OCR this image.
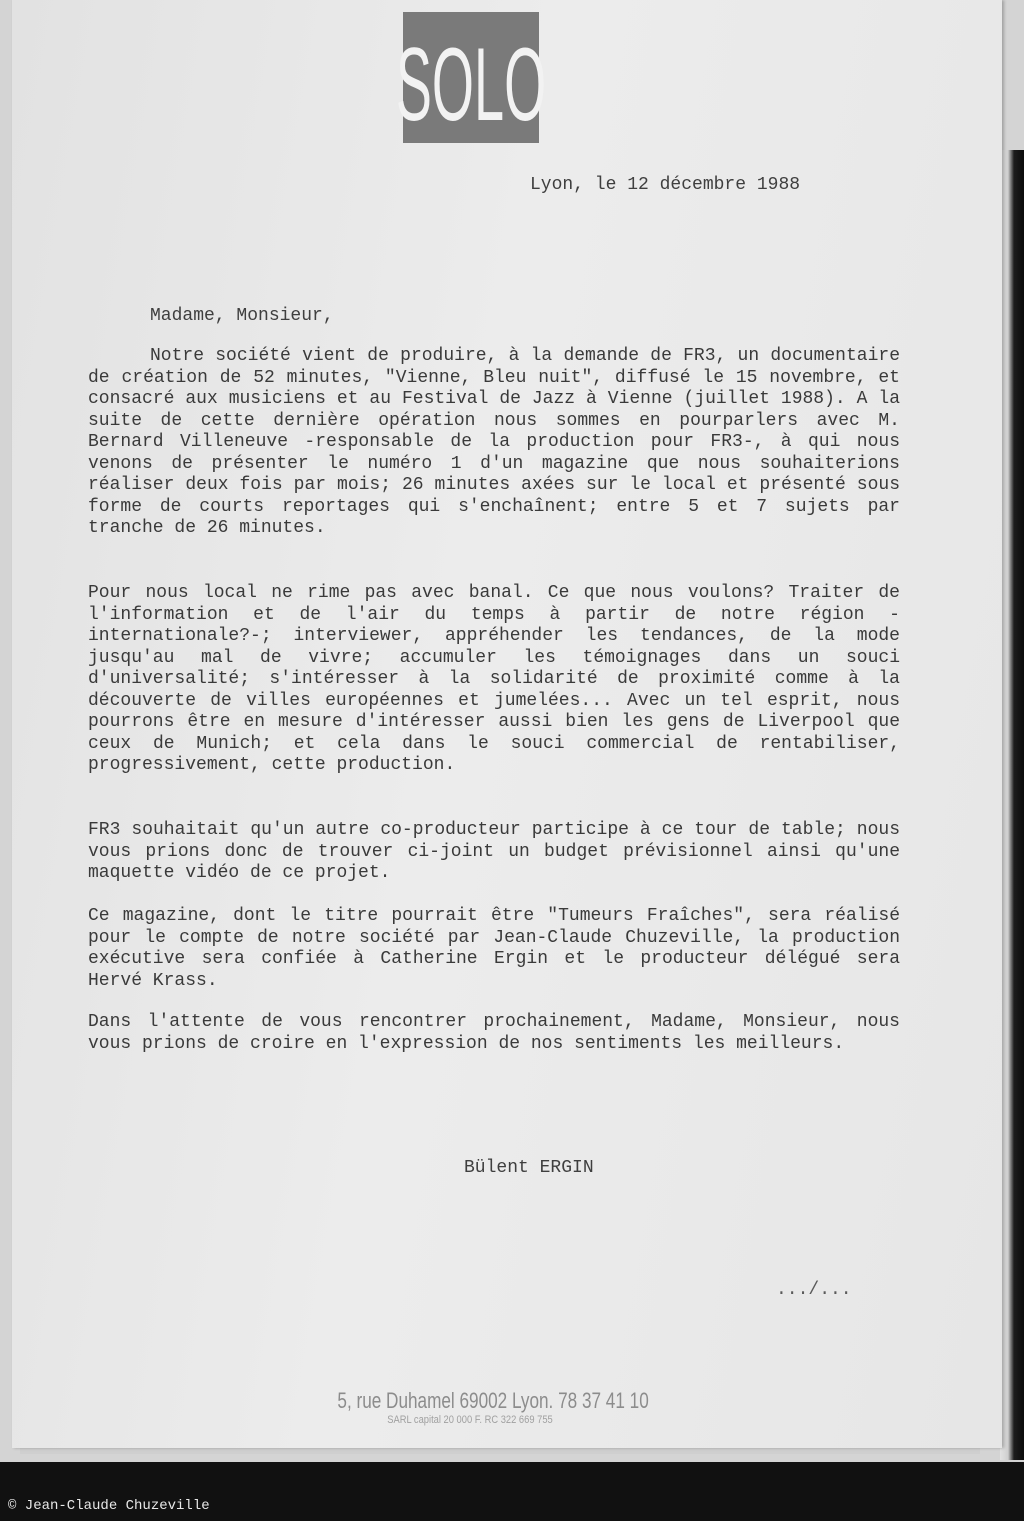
SOLO
Lyon, le 12 décembre 1988
Madame, Monsieur,

Notre société vient de produire, à la demande de FR3, un documentaire de création de 52 minutes, "Vienne, Bleu nuit", diffusé le 15 novembre, et consacré aux musiciens et au Festival de Jazz à Vienne (juillet 1988). A la suite de cette dernière opération nous sommes en pourparlers avec M. Bernard Villeneuve -responsable de la production pour FR3-, à qui nous venons de présenter le numéro 1 d'un magazine que nous souhaiterions réaliser deux fois par mois; 26 minutes axées sur le local et présenté sous forme de courts reportages qui s'enchaînent; entre 5 et 7 sujets par tranche de 26 minutes.

Pour nous local ne rime pas avec banal. Ce que nous voulons? Traiter de l'information et de l'air du temps à partir de notre région -internationale?-; interviewer, appréhender les tendances, de la mode jusqu'au mal de vivre; accumuler les témoignages dans un souci d'universalité; s'intéresser à la solidarité de proximité comme à la découverte de villes européennes et jumelées... Avec un tel esprit, nous pourrons être en mesure d'intéresser aussi bien les gens de Liverpool que ceux de Munich; et cela dans le souci commercial de rentabiliser, progressivement, cette production.

FR3 souhaitait qu'un autre co-producteur participe à ce tour de table; nous vous prions donc de trouver ci-joint un budget prévisionnel ainsi qu'une maquette vidéo de ce projet.

Ce magazine, dont le titre pourrait être "Tumeurs Fraîches", sera réalisé pour le compte de notre société par Jean-Claude Chuzeville, la production exécutive sera confiée à Catherine Ergin et le producteur délégué sera Hervé Krass.

Dans l'attente de vous rencontrer prochainement, Madame, Monsieur, nous vous prions de croire en l'expression de nos sentiments les meilleurs.

Bülent ERGIN
.../...
5, rue Duhamel 69002 Lyon. 78 37 41 10
SARL capital 20 000 F. RC 322 669 755
© Jean-Claude Chuzeville
